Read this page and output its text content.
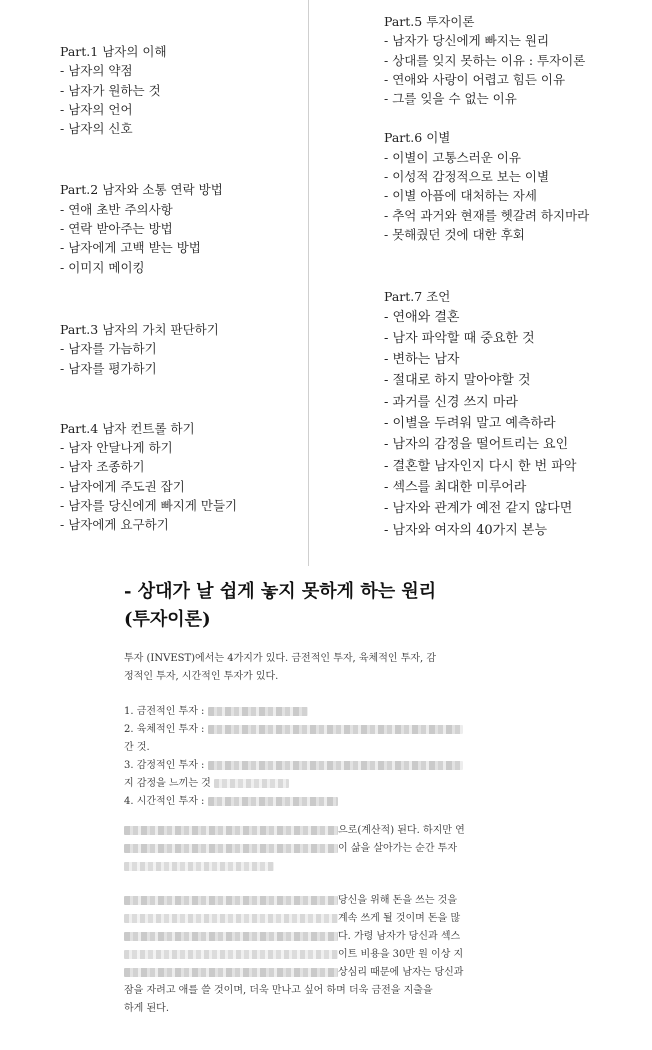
Part.1 남자의 이해
- 남자의 약점
- 남자가 원하는 것
- 남자의 언어
- 남자의 신호
Part.2 남자와 소통 연락 방법
- 연애 초반 주의사항
- 연락 받아주는 방법
- 남자에게 고백 받는 방법
- 이미지 메이킹
Part.3 남자의 가치 판단하기
- 남자를 가늠하기
- 남자를 평가하기
Part.4 남자 컨트롤 하기
- 남자 안달나게 하기
- 남자 조종하기
- 남자에게 주도권 잡기
- 남자를 당신에게 빠지게 만들기
- 남자에게 요구하기
Part.5 투자이론
- 남자가 당신에게 빠지는 원리
- 상대를 잊지 못하는 이유 : 투자이론
- 연애와 사랑이 어렵고 힘든 이유
- 그를 잊을 수 없는 이유
Part.6 이별
- 이별이 고통스러운 이유
- 이성적 감정적으로 보는 이별
- 이별 아픔에 대처하는 자세
- 추억 과거와 현재를 헷갈려 하지마라
- 못해줬던 것에 대한 후회
Part.7 조언
- 연애와 결혼
- 남자 파악할 때 중요한 것
- 변하는 남자
- 절대로 하지 말아야할 것
- 과거를 신경 쓰지 마라
- 이별을 두려워 말고 예측하라
- 남자의 감정을 떨어트리는 요인
- 결혼할 남자인지 다시 한 번 파악
- 섹스를 최대한 미루어라
- 남자와 관계가 예전 같지 않다면
- 남자와 여자의 40가지 본능
- 상대가 날 쉽게 놓지 못하게 하는 원리
(투자이론)
투자 (INVEST)에서는 4가지가 있다. 금전적인 투자, 육체적인 투자, 감
정적인 투자, 시간적인 투자가 있다.
1. 금전적인 투자 :
2. 육체적인 투자 :
간 것.
3. 감정적인 투자 :
지 감정을 느끼는 것
4. 시간적인 투자 :
으로(계산적) 된다. 하지만 연
이 삶을 살아가는 순간 투자
당신을 위해 돈을 쓰는 것을
계속 쓰게 될 것이며 돈을 많
다. 가령 남자가 당신과 섹스
이트 비용을 30만 원 이상 지
상심리 때문에 남자는 당신과
잠을 자려고 애를 쓸 것이며, 더욱 만나고 싶어 하며 더욱 금전을 지출을
하게 된다.
